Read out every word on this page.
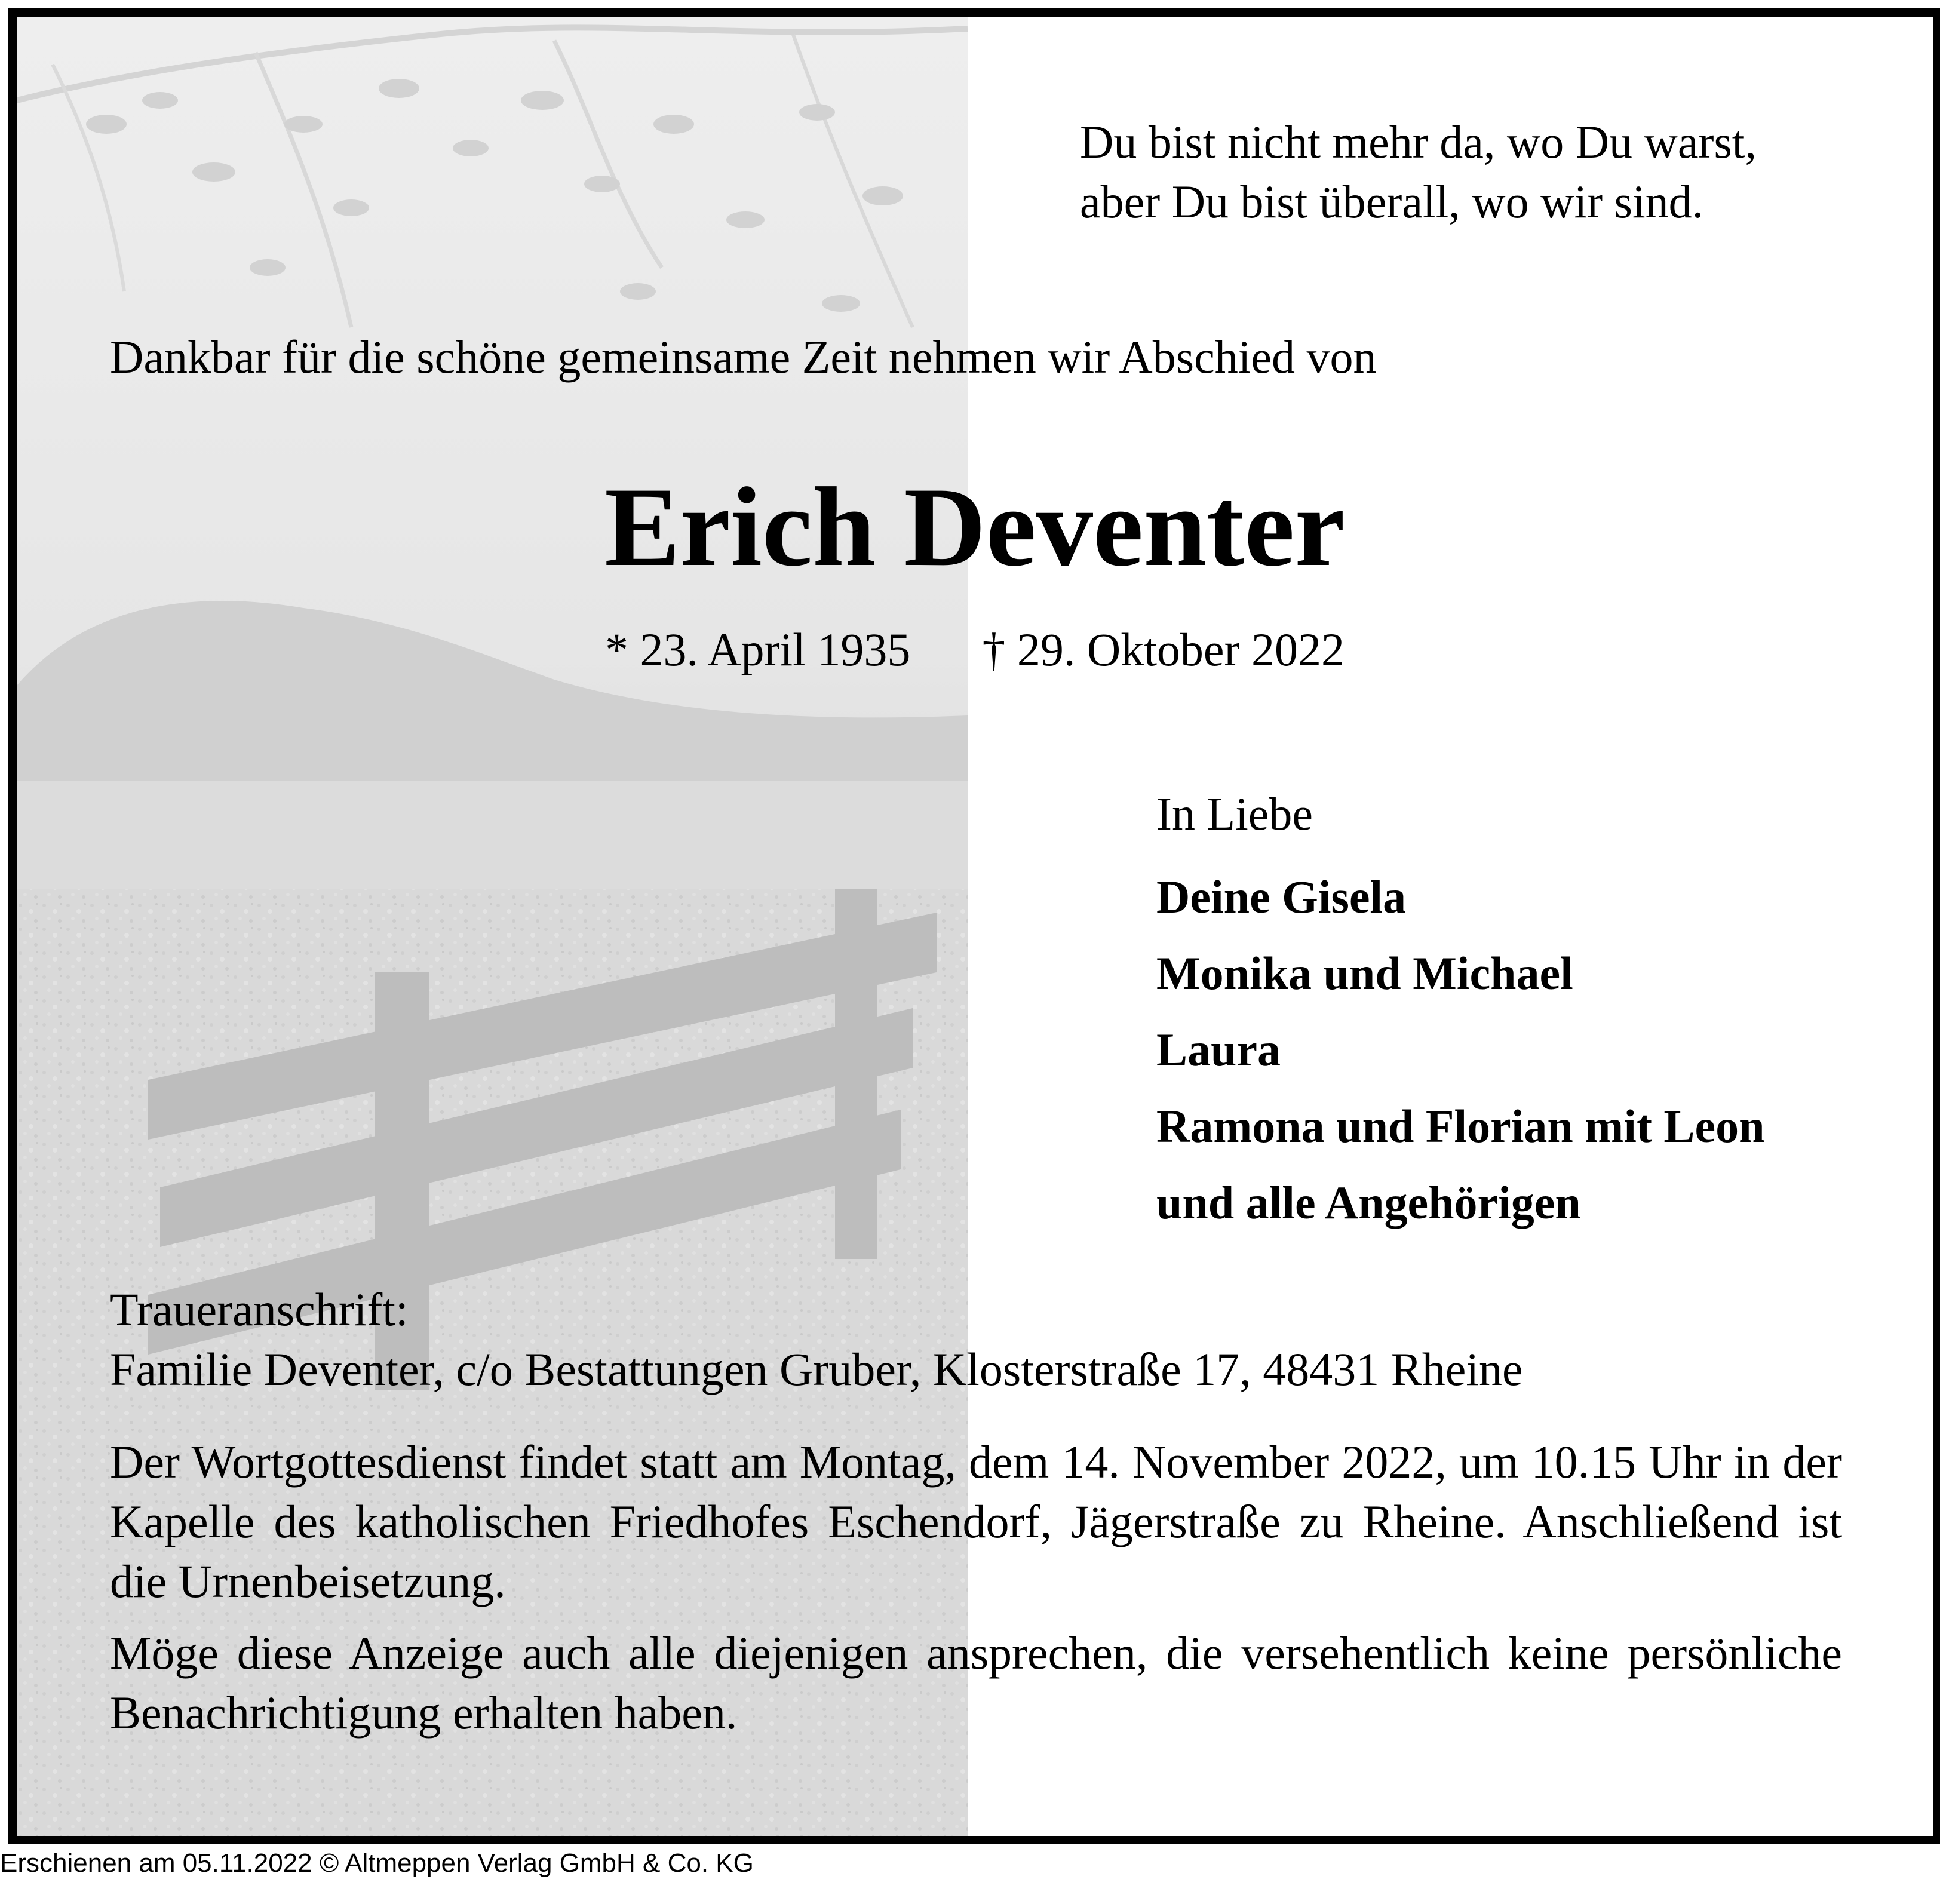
Du bist nicht mehr da, wo Du warst,
aber Du bist überall, wo wir sind.
Dankbar für die schöne gemeinsame Zeit nehmen wir Abschied von
Erich Deventer
* 23. April 1935 † 29. Oktober 2022
In Liebe
Deine Gisela
Monika und Michael
Laura
Ramona und Florian mit Leon
und alle Angehörigen
Traueranschrift:
Familie Deventer, c/o Bestattungen Gruber, Klosterstraße 17, 48431 Rheine

Der Wortgottesdienst findet statt am Montag, dem 14. November 2022, um 10.15 Uhr in der Kapelle des katholischen Friedhofes Eschendorf, Jägerstraße zu Rheine. Anschließend ist die Urnenbeisetzung.

Möge diese Anzeige auch alle diejenigen ansprechen, die versehentlich keine persönliche Benachrichtigung erhalten haben.

Erschienen am 05.11.2022 © Altmeppen Verlag GmbH & Co. KG
